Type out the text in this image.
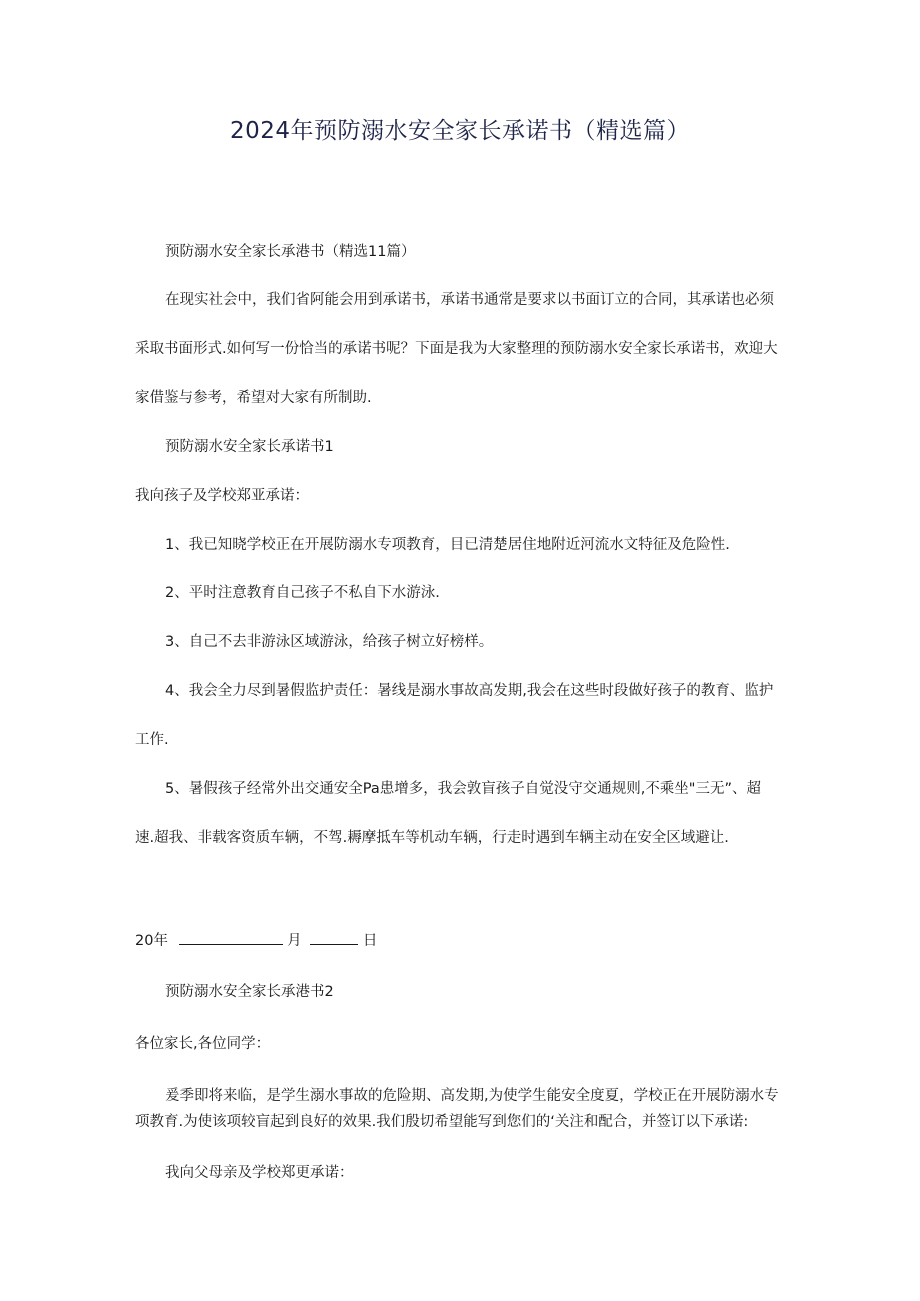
2024年预防溺水安全家长承诺书（精选篇）

预防溺水安全家长承港书（精选11篇）

在现实社会中，我们省阿能会用到承诺书，承诺书通常是要求以书面订立的合同，其承诺也必须

采取书面形式.如何写一份恰当的承诺书呢？下面是我为大家整理的预防溺水安全家长承诺书，欢迎大

家借鉴与参考，希望对大家有所制助.

预防溺水安全家长承诺书1

我向孩子及学校郑亚承诺：

1、我已知晓学校正在开展防溺水专项教育，目已清楚居住地附近河流水文特征及危险性.

2、平时注意教育自己孩子不私自下水游泳.

3、自己不去非游泳区域游泳，给孩子树立好榜样。

4、我会全力尽到暑假监护责任：暑线是溺水事故高发期,我会在这些时段做好孩子的教育、监护

工作.

5、暑假孩子经常外出交通安全Pa患增多，我会敦盲孩子自觉没守交通规则,不乘坐"三无”、超

速.超我、非载客资质车辆，不驾.耨摩抵车等机动车辆，行走时遇到车辆主动在安全区域避让.

20年	月	日

预防溺水安全家长承港书2

各位家长,各位同学：

爰季即将来临，是学生溺水事故的危险期、高发期,为使学生能安全度夏，学校正在开展防溺水专

项教育.为使该项较盲起到良好的效果.我们殷切希望能写到您们的‘关注和配合，并签订以下承诺:

我向父母亲及学校郑更承诺：
